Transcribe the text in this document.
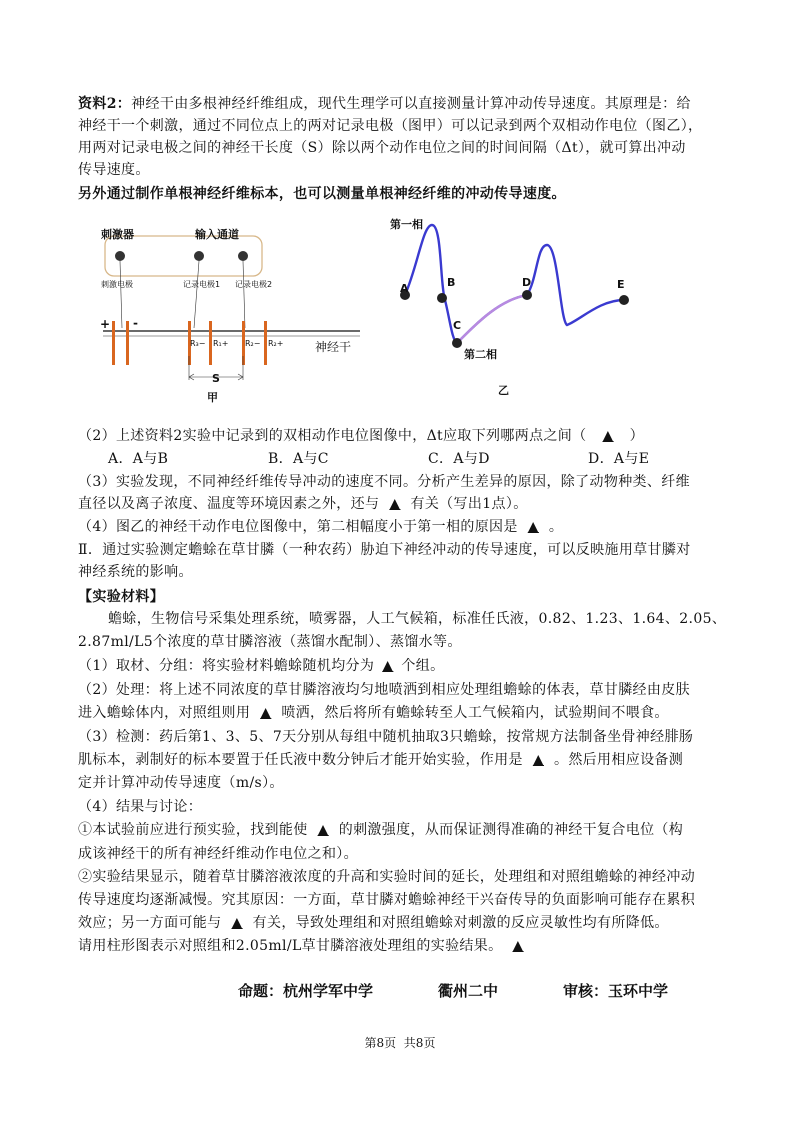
资料2：神经干由多根神经纤维组成，现代生理学可以直接测量计算冲动传导速度。其原理是：给
神经干一个刺激，通过不同位点上的两对记录电极（图甲）可以记录到两个双相动作电位（图乙），
用两对记录电极之间的神经干长度（S）除以两个动作电位之间的时间间隔（Δt），就可算出冲动
传导速度。
另外通过制作单根神经纤维标本，也可以测量单根神经纤维的冲动传导速度。
刺激器	输入通道
刺激电极	记录电极1 记录电极2
+ -
R₃− R₁+ R₂− R₂+	神经干
S
甲
第一相
第二相
A	B
C
D	E
乙
（2）上述资料2实验中记录到的双相动作电位图像中，Δt应取下列哪两点之间（ ▲ ）
A．A与B	B．A与C	C．A与D	D．A与E
（3）实验发现，不同神经纤维传导冲动的速度不同。分析产生差异的原因，除了动物种类、纤维
直径以及离子浓度、温度等环境因素之外，还与 ▲ 有关（写出1点）。
（4）图乙的神经干动作电位图像中，第二相幅度小于第一相的原因是 ▲ 。
Ⅱ．通过实验测定蟾蜍在草甘膦（一种农药）胁迫下神经冲动的传导速度，可以反映施用草甘膦对
神经系统的影响。
【实验材料】
蟾蜍，生物信号采集处理系统，喷雾器，人工气候箱，标准任氏液，0.82、1.23、1.64、2.05、
2.87ml/L5个浓度的草甘膦溶液（蒸馏水配制）、蒸馏水等。
（1）取材、分组：将实验材料蟾蜍随机均分为 ▲ 个组。
（2）处理：将上述不同浓度的草甘膦溶液均匀地喷洒到相应处理组蟾蜍的体表，草甘膦经由皮肤
进入蟾蜍体内，对照组则用 ▲ 喷洒，然后将所有蟾蜍转至人工气候箱内，试验期间不喂食。
（3）检测：药后第1、3、5、7天分别从每组中随机抽取3只蟾蜍，按常规方法制备坐骨神经腓肠
肌标本，剥制好的标本要置于任氏液中数分钟后才能开始实验，作用是 ▲ 。然后用相应设备测
定并计算冲动传导速度（m/s）。
（4）结果与讨论：
①本试验前应进行预实验，找到能使 ▲ 的刺激强度，从而保证测得准确的神经干复合电位（构
成该神经干的所有神经纤维动作电位之和）。
②实验结果显示，随着草甘膦溶液浓度的升高和实验时间的延长，处理组和对照组蟾蜍的神经冲动
传导速度均逐渐减慢。究其原因：一方面，草甘膦对蟾蜍神经干兴奋传导的负面影响可能存在累积
效应；另一方面可能与 ▲ 有关，导致处理组和对照组蟾蜍对刺激的反应灵敏性均有所降低。
请用柱形图表示对照组和2.05ml/L草甘膦溶液处理组的实验结果。 ▲
命题：杭州学军中学	衢州二中	审核：玉环中学
第8页  共8页
